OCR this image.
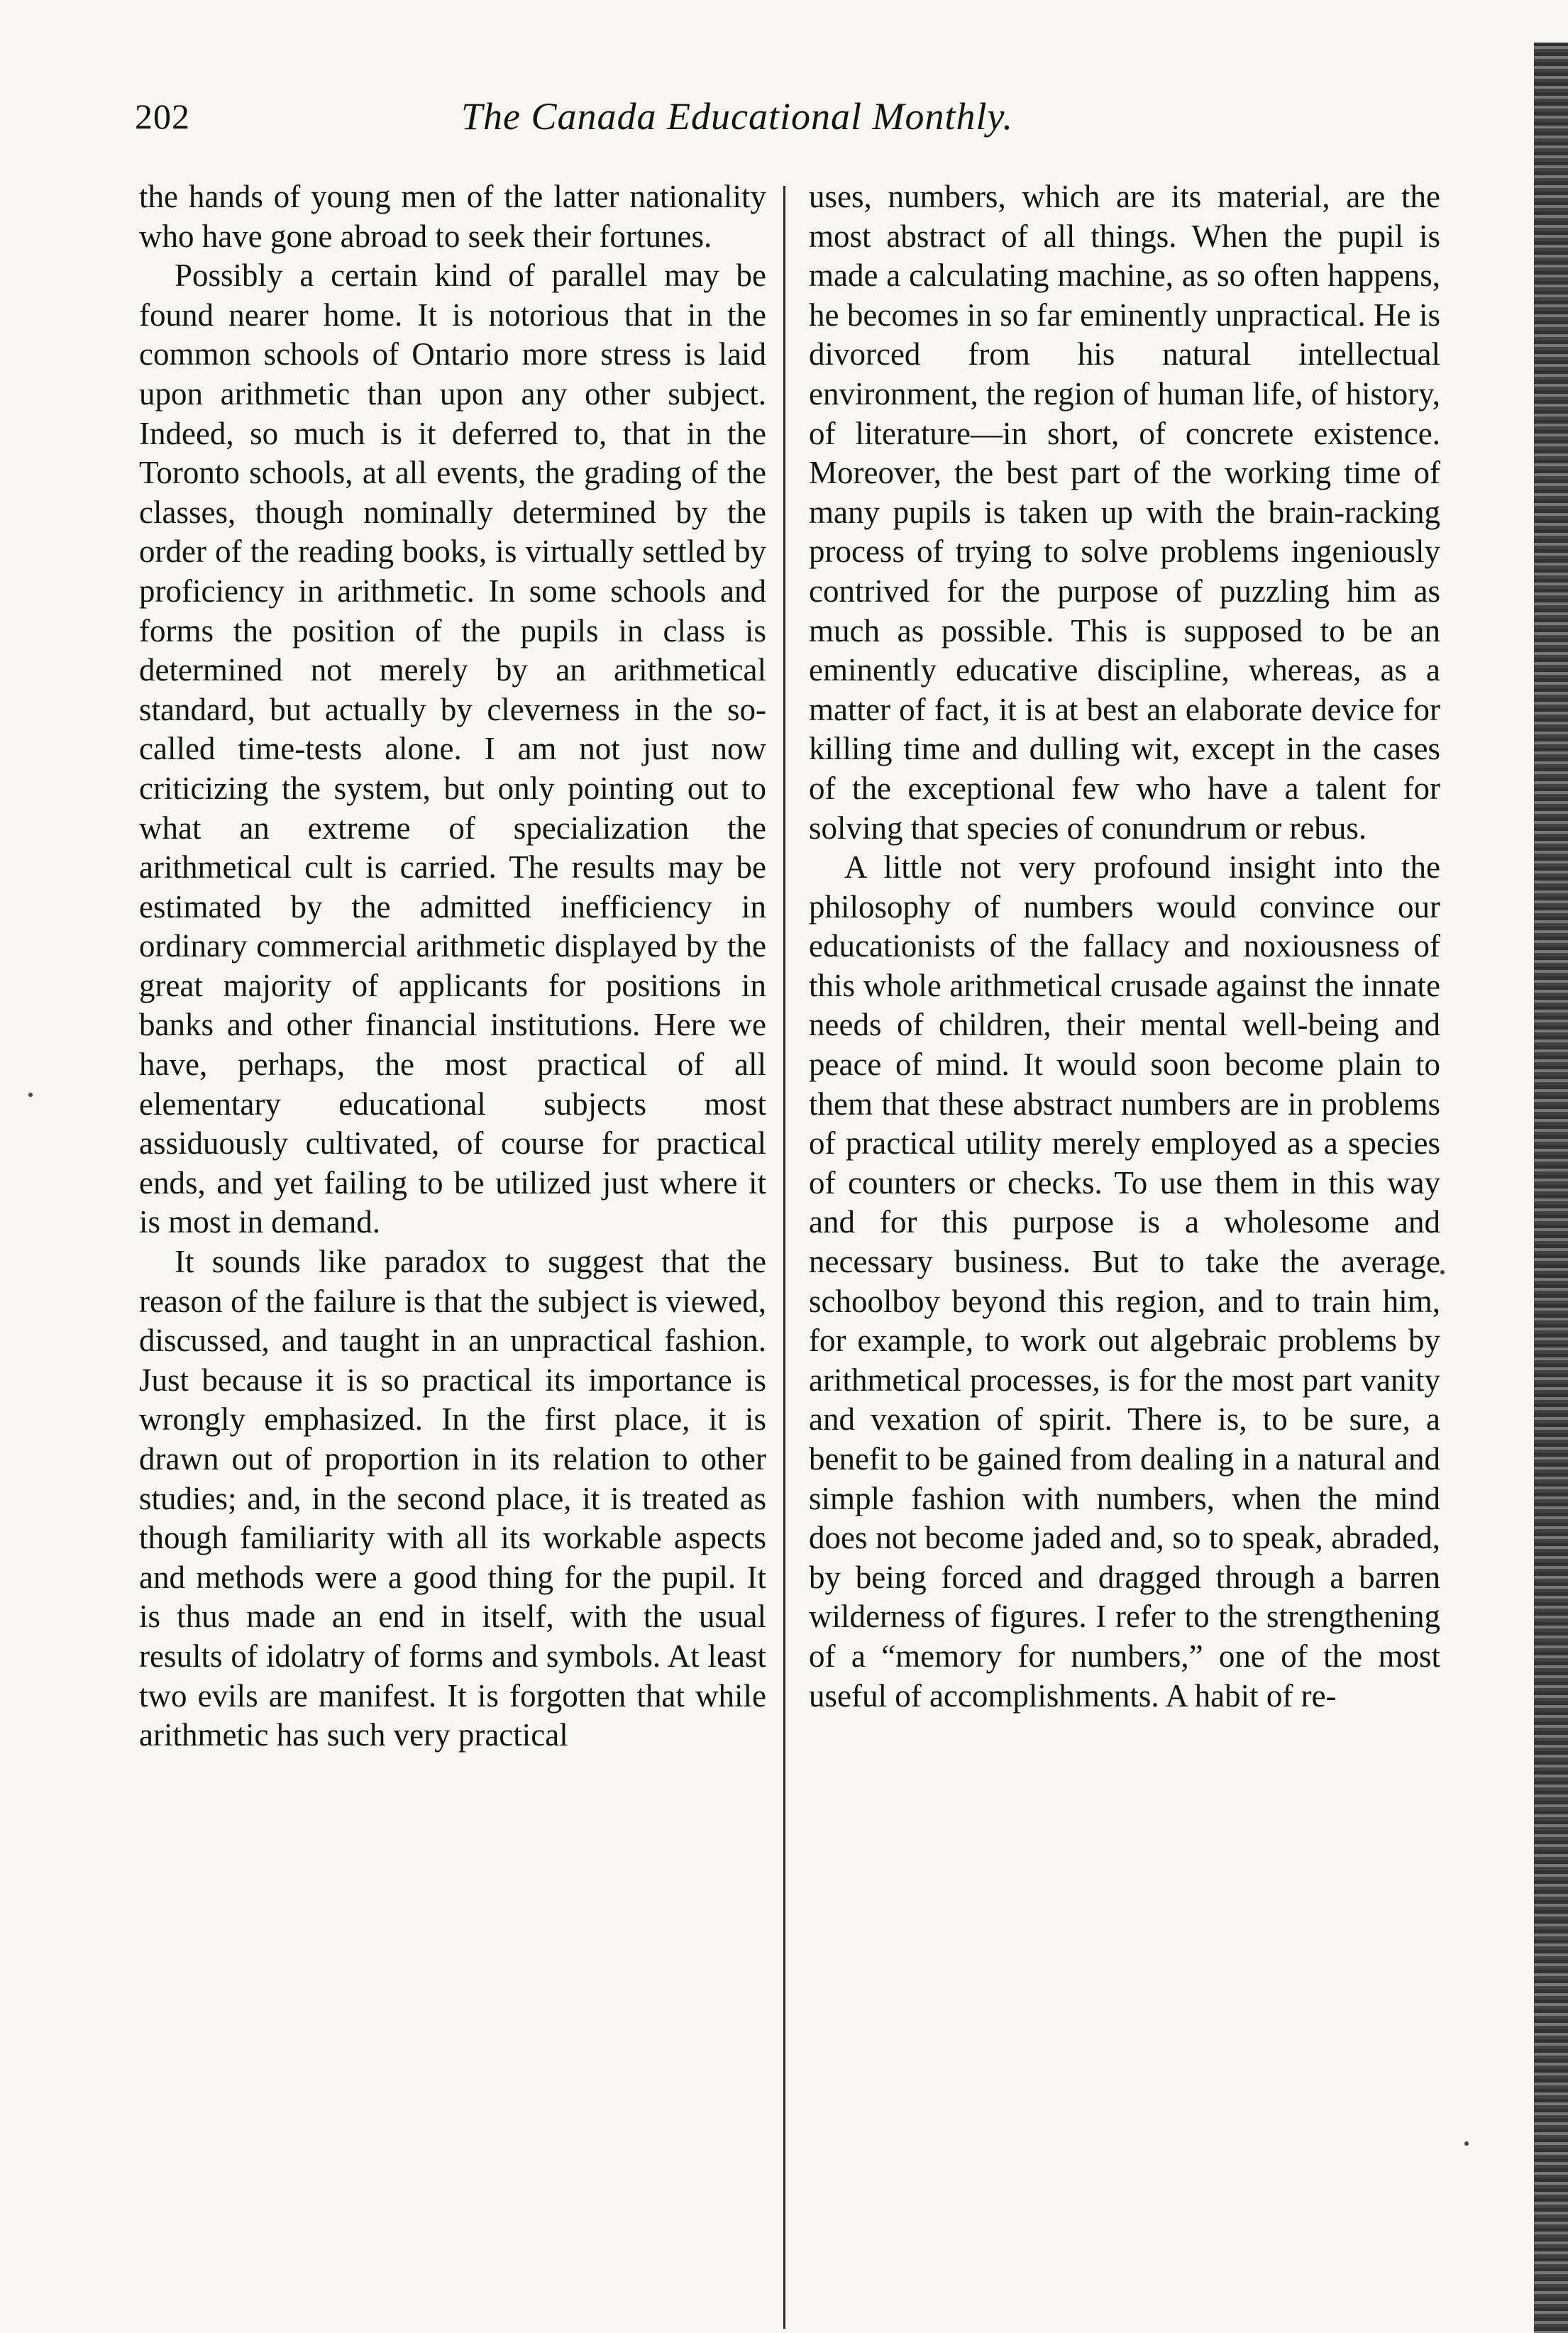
202	The Canada Educational Monthly.

the hands of young men of the latter nationality who have gone abroad to seek their fortunes.

Possibly a certain kind of parallel may be found nearer home. It is notorious that in the common schools of Ontario more stress is laid upon arithmetic than upon any other subject. Indeed, so much is it deferred to, that in the Toronto schools, at all events, the grading of the classes, though nominally determined by the order of the reading books, is virtually settled by proficiency in arithmetic. In some schools and forms the position of the pupils in class is determined not merely by an arithmetical standard, but actually by cleverness in the so-called time-tests alone. I am not just now criticizing the system, but only pointing out to what an extreme of specialization the arithmetical cult is carried. The results may be estimated by the admitted inefficiency in ordinary commercial arithmetic displayed by the great majority of applicants for positions in banks and other financial institutions. Here we have, perhaps, the most practical of all elementary educational subjects most assiduously cultivated, of course for practical ends, and yet failing to be utilized just where it is most in demand.

It sounds like paradox to suggest that the reason of the failure is that the subject is viewed, discussed, and taught in an unpractical fashion. Just because it is so practical its importance is wrongly emphasized. In the first place, it is drawn out of proportion in its relation to other studies; and, in the second place, it is treated as though familiarity with all its workable aspects and methods were a good thing for the pupil. It is thus made an end in itself, with the usual results of idolatry of forms and symbols. At least two evils are manifest. It is forgotten that while arithmetic has such very practical

uses, numbers, which are its material, are the most abstract of all things. When the pupil is made a calculating machine, as so often happens, he becomes in so far eminently unpractical. He is divorced from his natural intellectual environment, the region of human life, of history, of literature—in short, of concrete existence. Moreover, the best part of the working time of many pupils is taken up with the brain-racking process of trying to solve problems ingeniously contrived for the purpose of puzzling him as much as possible. This is supposed to be an eminently educative discipline, whereas, as a matter of fact, it is at best an elaborate device for killing time and dulling wit, except in the cases of the exceptional few who have a talent for solving that species of conundrum or rebus.

A little not very profound insight into the philosophy of numbers would convince our educationists of the fallacy and noxiousness of this whole arithmetical crusade against the innate needs of children, their mental well-being and peace of mind. It would soon become plain to them that these abstract numbers are in problems of practical utility merely employed as a species of counters or checks. To use them in this way and for this purpose is a wholesome and necessary business. But to take the average schoolboy beyond this region, and to train him, for example, to work out algebraic problems by arithmetical processes, is for the most part vanity and vexation of spirit. There is, to be sure, a benefit to be gained from dealing in a natural and simple fashion with numbers, when the mind does not become jaded and, so to speak, abraded, by being forced and dragged through a barren wilderness of figures. I refer to the strengthening of a “memory for numbers,” one of the most useful of accomplishments. A habit of re-
